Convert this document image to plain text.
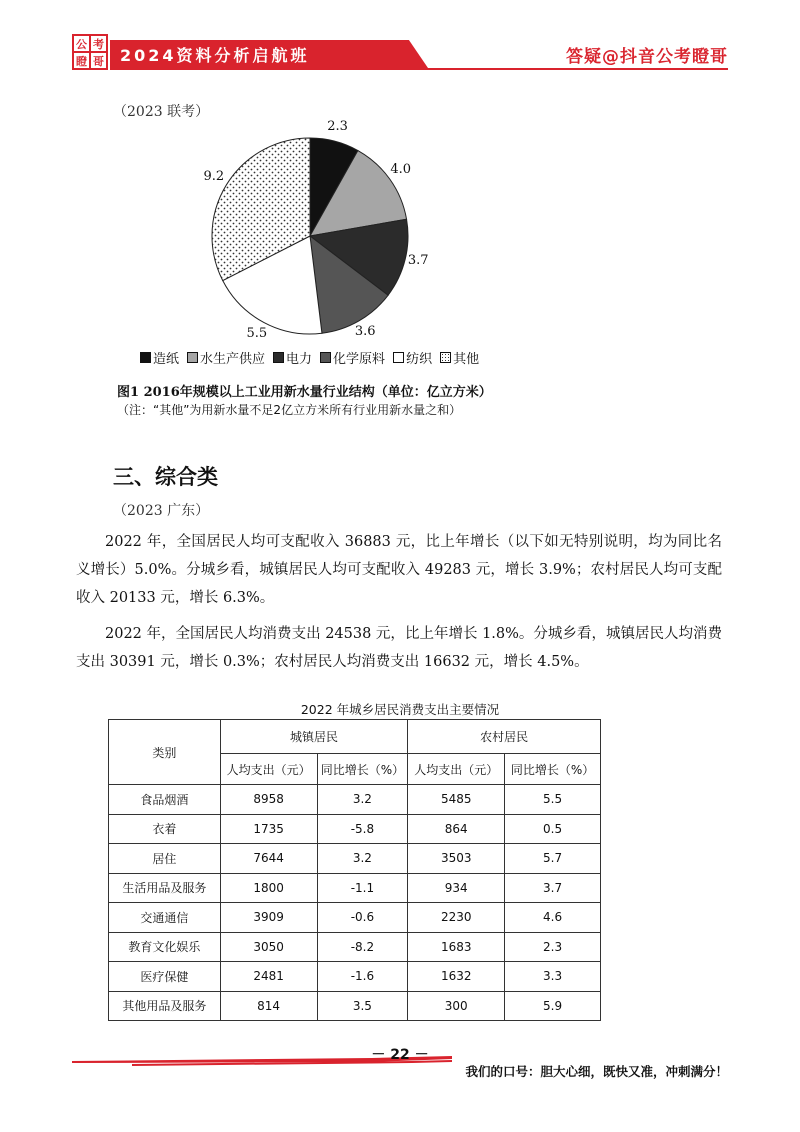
公 考
瞪 哥 2024资料分析启航班	答疑@抖音公考瞪哥
（2023 联考）
2.3
4.0
3.7
3.6
5.5
9.2
造纸 水生产供应 电力 化学原料 纺织 其他
图1 2016年规模以上工业用新水量行业结构（单位：亿立方米）
（注：“其他”为用新水量不足2亿立方米所有行业用新水量之和）
三、综合类
（2023 广东）
2022 年，全国居民人均可支配收入 36883 元，比上年增长（以下如无特别说明，均为同比名义增长）5.0%。分城乡看，城镇居民人均可支配收入 49283 元，增长 3.9%；农村居民人均可支配收入 20133 元，增长 6.3%。
2022 年，全国居民人均消费支出 24538 元，比上年增长 1.8%。分城乡看，城镇居民人均消费支出 30391 元，增长 0.3%；农村居民人均消费支出 16632 元，增长 4.5%。
2022 年城乡居民消费支出主要情况
类别	城镇居民		农村居民	
	人均支出（元）	同比增长（%）	人均支出（元）	同比增长（%）
食品烟酒	8958	3.2	5485	5.5
衣着	1735	-5.8	864	0.5
居住	7644	3.2	3503	5.7
生活用品及服务	1800	-1.1	934	3.7
交通通信	3909	-0.6	2230	4.6
教育文化娱乐	3050	-8.2	1683	2.3
医疗保健	2481	-1.6	1632	3.3
其他用品及服务	814	3.5	300	5.9
－ 22 －
我们的口号：胆大心细，既快又准，冲刺满分！
